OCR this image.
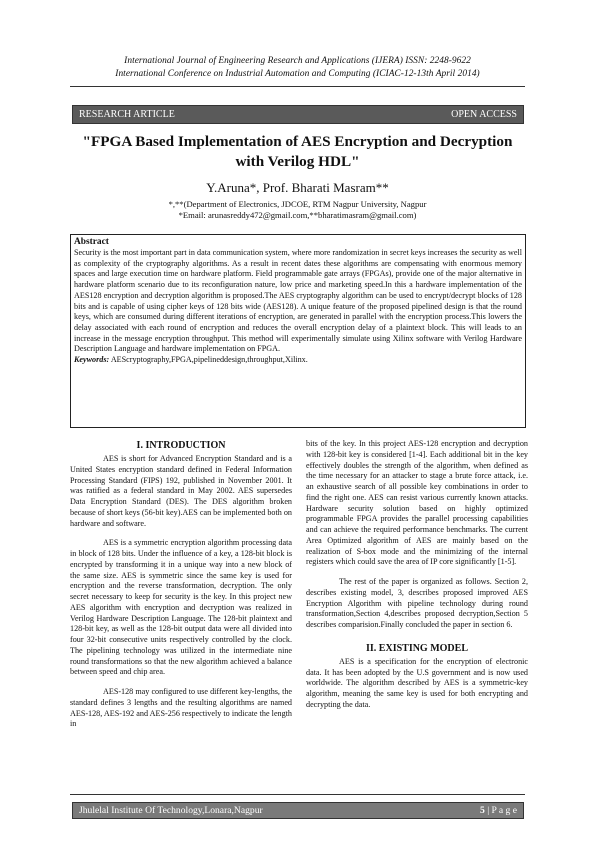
International Journal of Engineering Research and Applications (IJERA) ISSN: 2248-9622
International Conference on Industrial Automation and Computing (ICIAC-12-13th April 2014)
RESEARCH ARTICLE	OPEN ACCESS
"FPGA Based Implementation of AES Encryption and Decryption with Verilog HDL"
Y.Aruna*, Prof. Bharati Masram**
*,**(Department of Electronics, JDCOE, RTM Nagpur University, Nagpur
*Email: arunasreddy472@gmail.com,**bharatimasram@gmail.com)
Abstract
Security is the most important part in data communication system, where more randomization in secret keys increases the security as well as complexity of the cryptography algorithms. As a result in recent dates these algorithms are compensating with enormous memory spaces and large execution time on hardware platform. Field programmable gate arrays (FPGAs), provide one of the major alternative in hardware platform scenario due to its reconfiguration nature, low price and marketing speed.In this a hardware implementation of the AES128 encryption and decryption algorithm is proposed.The AES cryptography algorithm can be used to encrypt/decrypt blocks of 128 bits and is capable of using cipher keys of 128 bits wide (AES128). A unique feature of the proposed pipelined design is that the round keys, which are consumed during different iterations of encryption, are generated in parallel with the encryption process.This lowers the delay associated with each round of encryption and reduces the overall encryption delay of a plaintext block. This will leads to an increase in the message encryption throughput. This method will experimentally simulate using Xilinx software with Verilog Hardware Description Language and hardware implementation on FPGA.
Keywords: AEScryptography,FPGA,pipelineddesign,throughput,Xilinx.
I. INTRODUCTION

AES is short for Advanced Encryption Standard and is a United States encryption standard defined in Federal Information Processing Standard (FIPS) 192, published in November 2001. It was ratified as a federal standard in May 2002. AES supersedes Data Encryption Standard (DES). The DES algorithm broken because of short keys (56-bit key).AES can be implemented both on hardware and software.

AES is a symmetric encryption algorithm processing data in block of 128 bits. Under the influence of a key, a 128-bit block is encrypted by transforming it in a unique way into a new block of the same size. AES is symmetric since the same key is used for encryption and the reverse transformation, decryption. The only secret necessary to keep for security is the key. In this project new AES algorithm with encryption and decryption was realized in Verilog Hardware Description Language. The 128-bit plaintext and 128-bit key, as well as the 128-bit output data were all divided into four 32-bit consecutive units respectively controlled by the clock. The pipelining technology was utilized in the intermediate nine round transformations so that the new algorithm achieved a balance between speed and chip area.

AES-128 may configured to use different key-lengths, the standard defines 3 lengths and the resulting algorithms are named AES-128, AES-192 and AES-256 respectively to indicate the length in

bits of the key. In this project AES-128 encryption and decryption with 128-bit key is considered [1-4]. Each additional bit in the key effectively doubles the strength of the algorithm, when defined as the time necessary for an attacker to stage a brute force attack, i.e. an exhaustive search of all possible key combinations in order to find the right one. AES can resist various currently known attacks. Hardware security solution based on highly optimized programmable FPGA provides the parallel processing capabilities and can achieve the required performance benchmarks. The current Area Optimized algorithm of AES are mainly based on the realization of S-box mode and the minimizing of the internal registers which could save the area of IP core significantly [1-5].

The rest of the paper is organized as follows. Section 2, describes existing model, 3, describes proposed improved AES Encryption Algorithm with pipeline technology during round transformation,Section 4,describes proposed decryption,Section 5 describes comparision.Finally concluded the paper in section 6.

II. EXISTING MODEL

AES is a specification for the encryption of electronic data. It has been adopted by the U.S government and is now used worldwide. The algorithm described by AES is a symmetric-key algorithm, meaning the same key is used for both encrypting and decrypting the data.

Jhulelal Institute Of Technology,Lonara,Nagpur	5 | P a g e
